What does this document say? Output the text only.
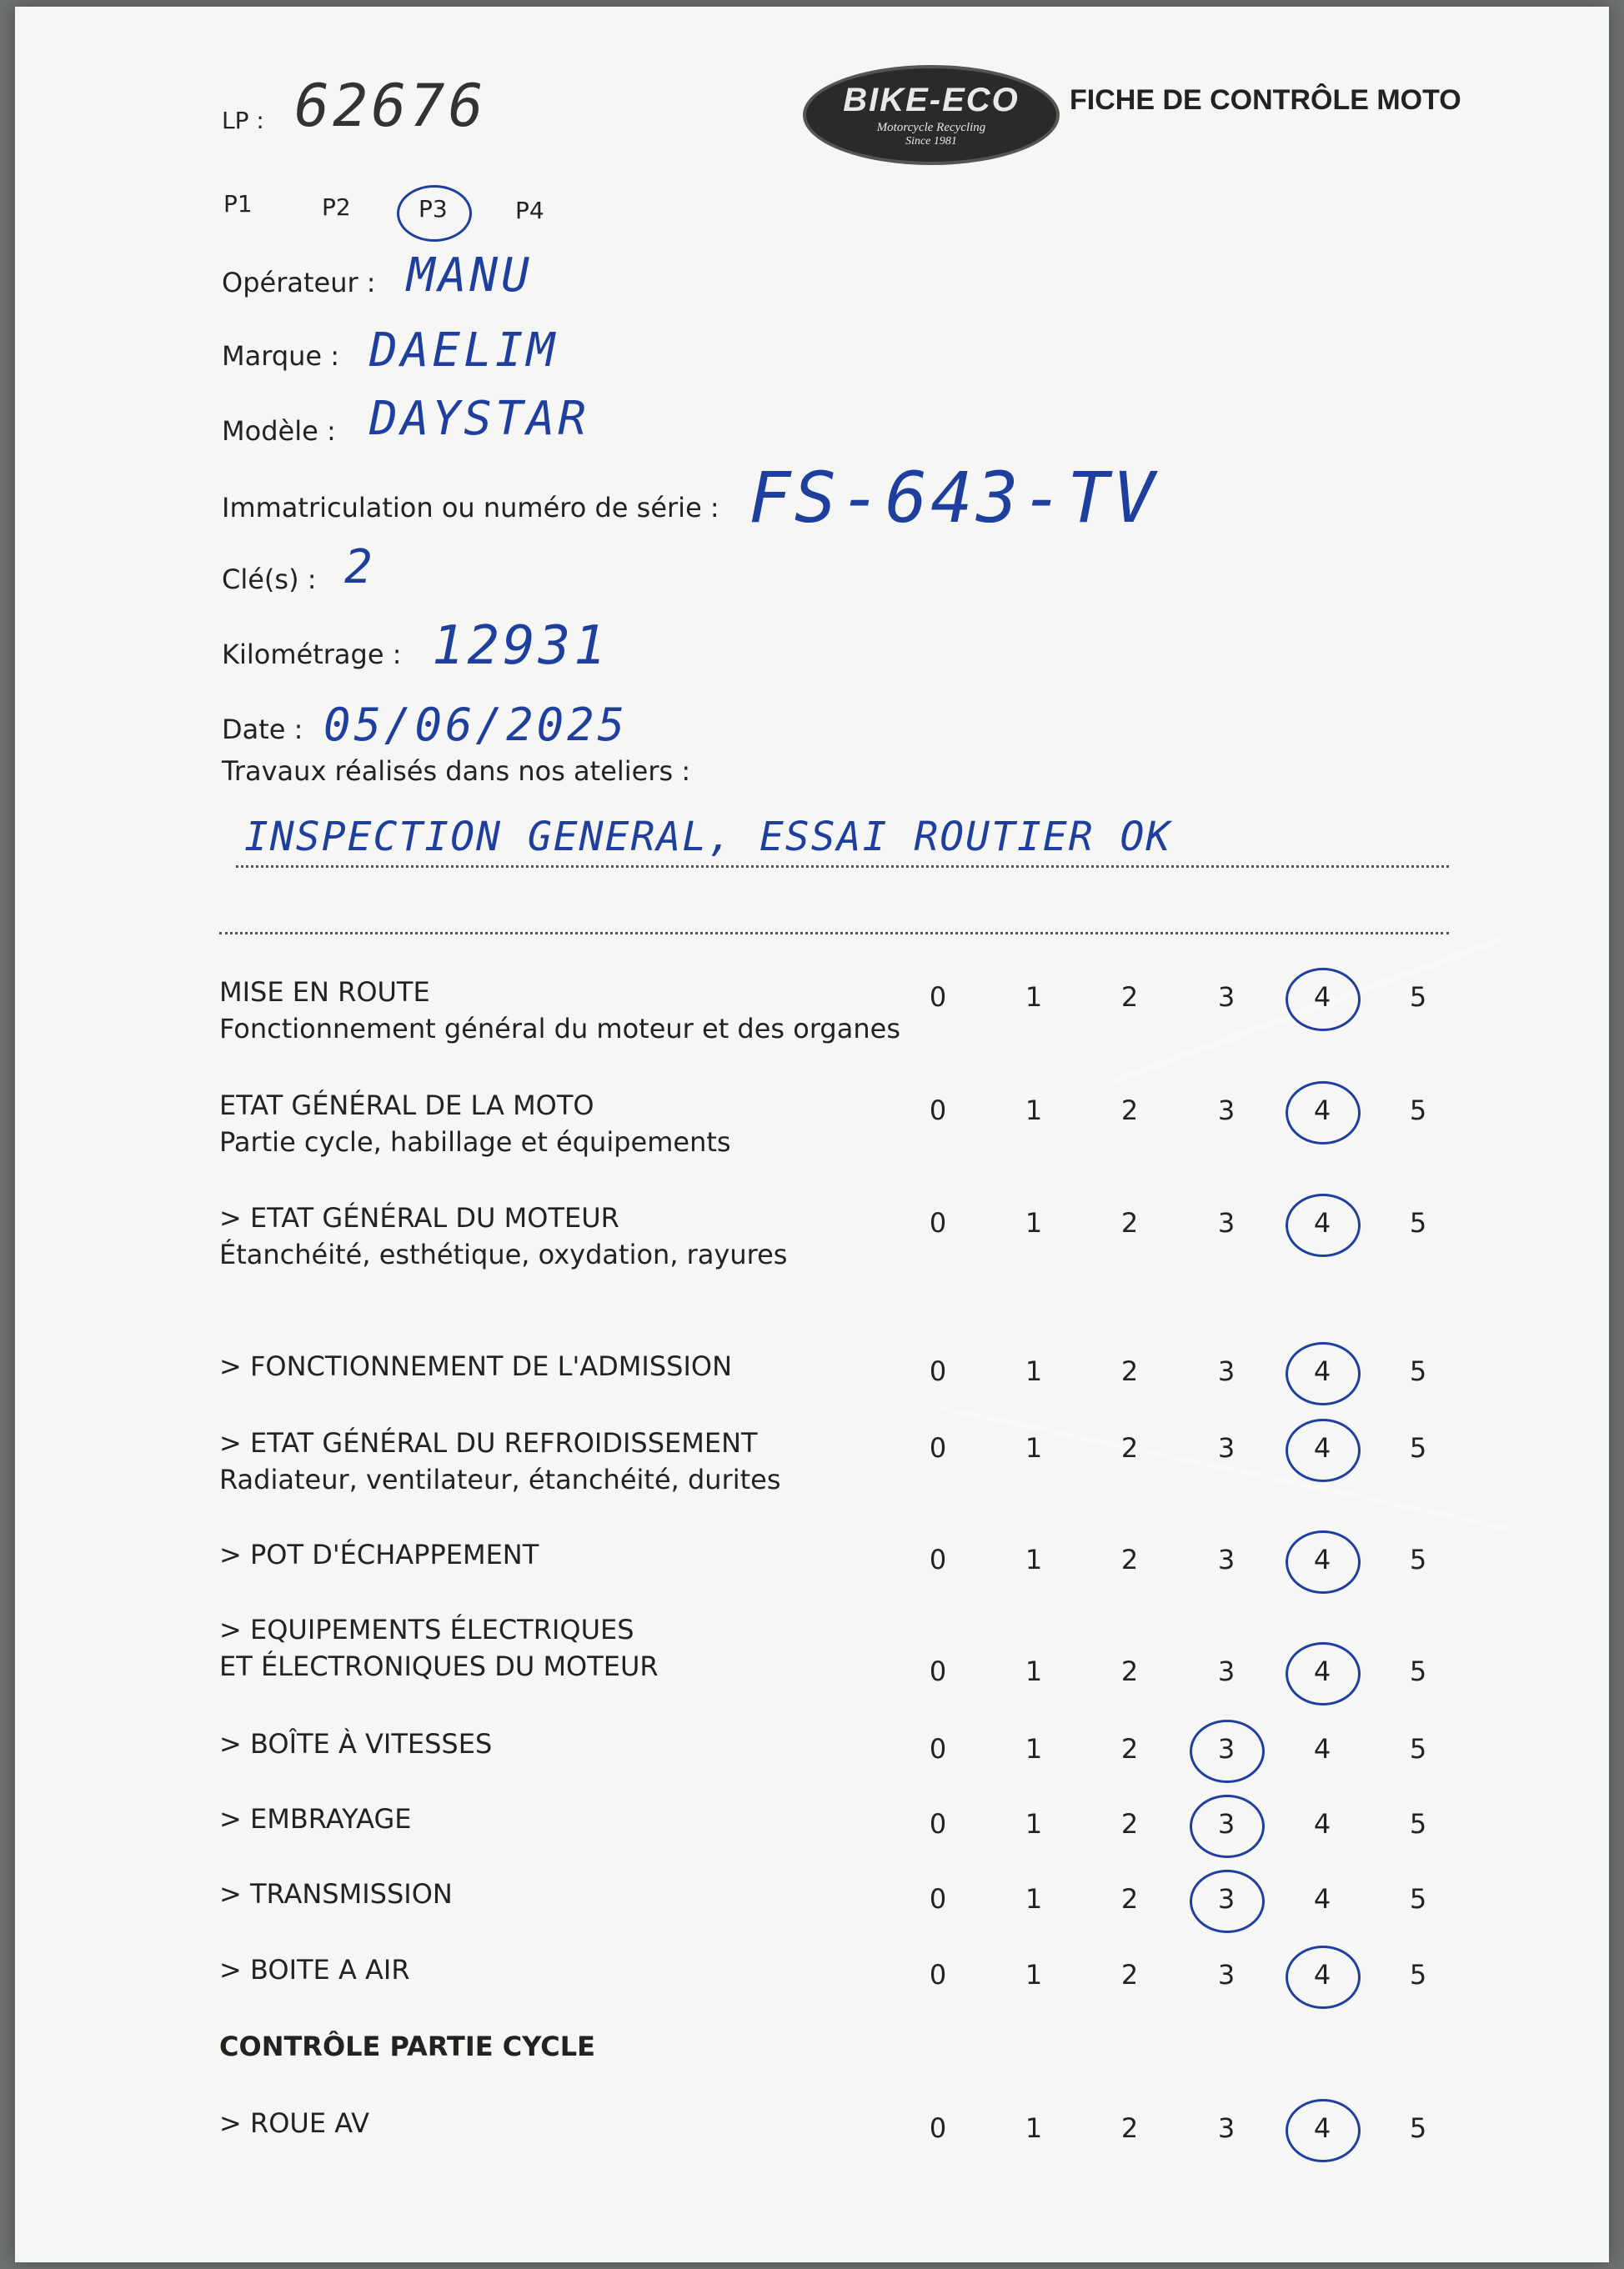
LP : 62676	BIKE-ECO
Motorcycle Recycling
Since 1981
FICHE DE CONTRÔLE MOTO
P1	P2	P3	P4
Opérateur : MANU
Marque : DAELIM
Modèle : DAYSTAR
Immatriculation ou numéro de série : FS-643-TV
Clé(s) : 2
Kilométrage : 12931
Date : 05/06/2025
Travaux réalisés dans nos ateliers :
INSPECTION GENERAL, ESSAI ROUTIER OK
MISE EN ROUTE
Fonctionnement général du moteur et des organes
0	1	2	3	4	5
ETAT GÉNÉRAL DE LA MOTO
Partie cycle, habillage et équipements
0	1	2	3	4	5
> ETAT GÉNÉRAL DU MOTEUR
Étanchéité, esthétique, oxydation, rayures
0	1	2	3	4	5
> FONCTIONNEMENT DE L'ADMISSION	0	1	2	3	4	5
> ETAT GÉNÉRAL DU REFROIDISSEMENT
Radiateur, ventilateur, étanchéité, durites
0	1	2	3	4	5
> POT D'ÉCHAPPEMENT	0	1	2	3	4	5
> EQUIPEMENTS ÉLECTRIQUES
ET ÉLECTRONIQUES DU MOTEUR	0	1	2	3	4	5
> BOÎTE À VITESSES	0	1	2	3	4	5
> EMBRAYAGE	0	1	2	3	4	5
> TRANSMISSION	0	1	2	3	4	5
> BOITE A AIR	0	1	2	3	4	5
CONTRÔLE PARTIE CYCLE
> ROUE AV	0	1	2	3	4	5
